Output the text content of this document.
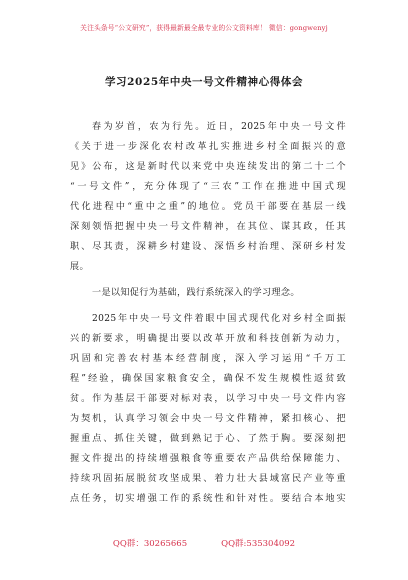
关注头条号“公文研究”，获得最新最全最专业的公文资料库！ 微信：gongwenyj
学习2025年中央一号文件精神心得体会
春为岁首，农为行先。近日，2025年中央一号文件
《关于进一步深化农村改革扎实推进乡村全面振兴的意
见》公布，这是新时代以来党中央连续发出的第二十二个
“一号文件”，充分体现了“三农”工作在推进中国式现
代化进程中“重中之重”的地位。党员干部要在基层一线
深刻领悟把握中央一号文件精神，在其位、谋其政，任其
职、尽其责，深耕乡村建设、深悟乡村治理、深研乡村发
展。
一是以知促行为基础，践行系统深入的学习理念。
2025年中央一号文件着眼中国式现代化对乡村全面振
兴的新要求，明确提出要以改革开放和科技创新为动力，
巩固和完善农村基本经营制度，深入学习运用“千万工
程”经验，确保国家粮食安全，确保不发生规模性返贫致
贫。作为基层干部要对标对表，以学习中央一号文件内容
为契机，认真学习领会中央一号文件精神，紧扣核心、把
握重点、抓住关键，做到熟记于心、了然于胸。要深刻把
握文件提出的持续增强粮食等重要农产品供给保障能力、
持续巩固拓展脱贫攻坚成果、着力壮大县域富民产业等重
点任务，切实增强工作的系统性和针对性。要结合本地实
QQ群：30265665	QQ群:535304092
